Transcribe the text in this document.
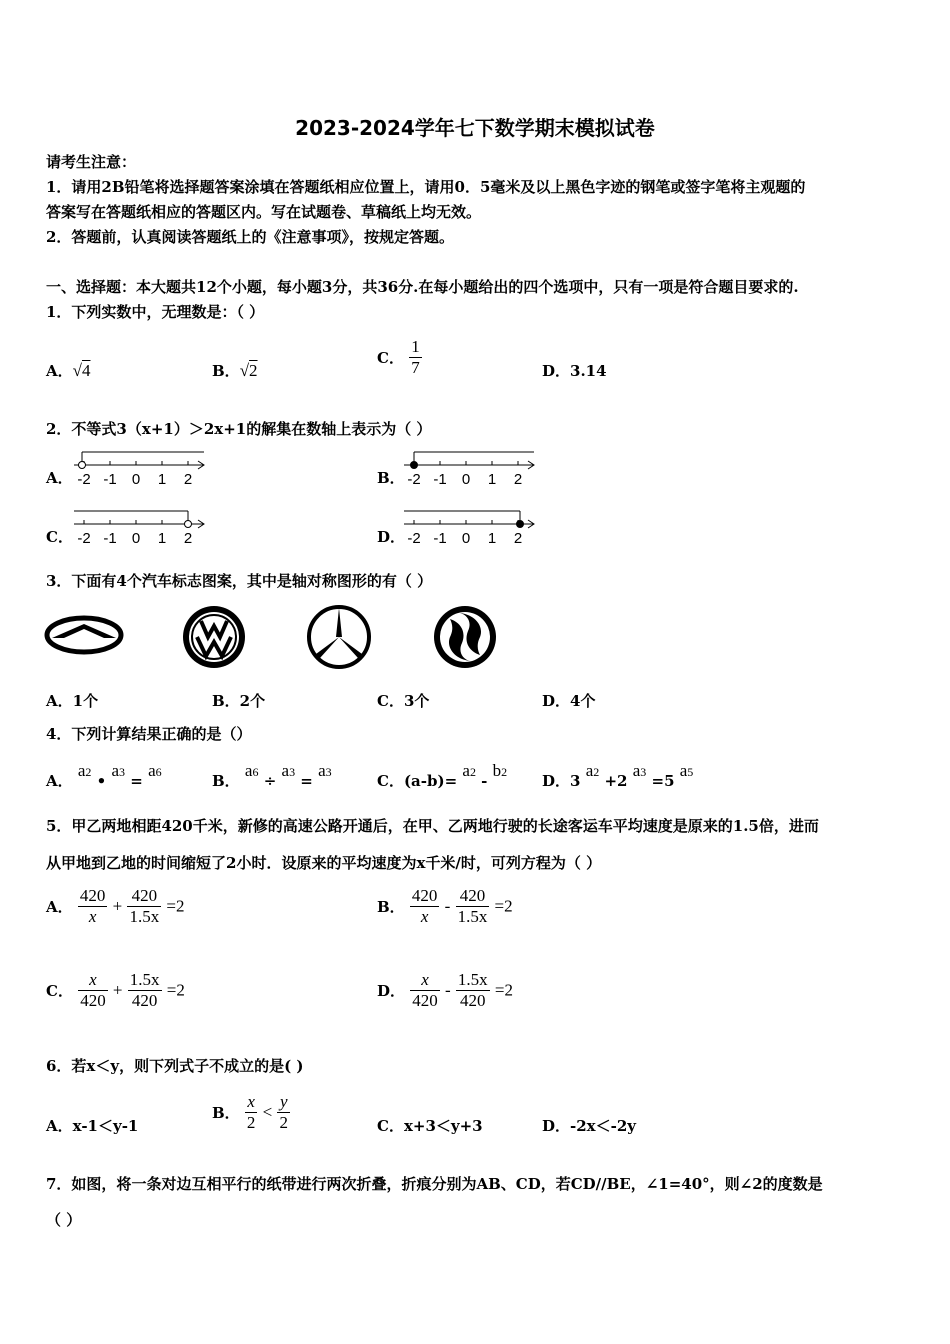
2023-2024学年七下数学期末模拟试卷
请考生注意：
1．请用2B铅笔将选择题答案涂填在答题纸相应位置上，请用0．5毫米及以上黑色字迹的钢笔或签字笔将主观题的
答案写在答题纸相应的答题区内。写在试题卷、草稿纸上均无效。
2．答题前，认真阅读答题纸上的《注意事项》，按规定答题。
一、选择题：本大题共12个小题，每小题3分，共36分.在每小题给出的四个选项中，只有一项是符合题目要求的.
1．下列实数中，无理数是：（ ）
A．√4	B．√2
C． $\frac{1}{7}$	D．3.14
2．不等式3（x+1）＞2x+1的解集在数轴上表示为（ ）
A．	B．
C．	D．
-2 -1 0 1 2	-2 -1 0 1 2
-2 -1 0 1 2	-2 -1 0 1 2
3．下面有4个汽车标志图案，其中是轴对称图形的有（ ）
A．1个	B．2个	C．3个	D．4个
4．下列计算结果正确的是（）
A． $a^2$ • $a^3 = a^6$	B． $a^6 \div a^3 = a^3$	C．$(a-b)= a^2 - b^2$ D．3 $a^2 +2$ $a^3 =5$ $a^5$
5．甲乙两地相距420千米，新修的高速公路开通后，在甲、乙两地行驶的长途客运车平均速度是原来的1.5倍，进而
从甲地到乙地的时间缩短了2小时．设原来的平均速度为x千米/时，可列方程为（ ）
A． $\frac{420}{x} + \frac{420}{1.5x} =2$	B． $\frac{420}{x} - \frac{420}{1.5x} =2$
C． $\frac{x}{420} + \frac{1.5x}{420} =2$	D． $\frac{x}{420} - \frac{1.5x}{420} =2$
6．若x＜y，则下列式子不成立的是( )
A．x-1＜y-1
B． $\frac{x}{2} < \frac{y}{2}$	C．x+3＜y+3	D．-2x＜-2y
7．如图，将一条对边互相平行的纸带进行两次折叠，折痕分别为AB、CD，若CD//BE，∠1=40°，则∠2的度数是
（ ）
